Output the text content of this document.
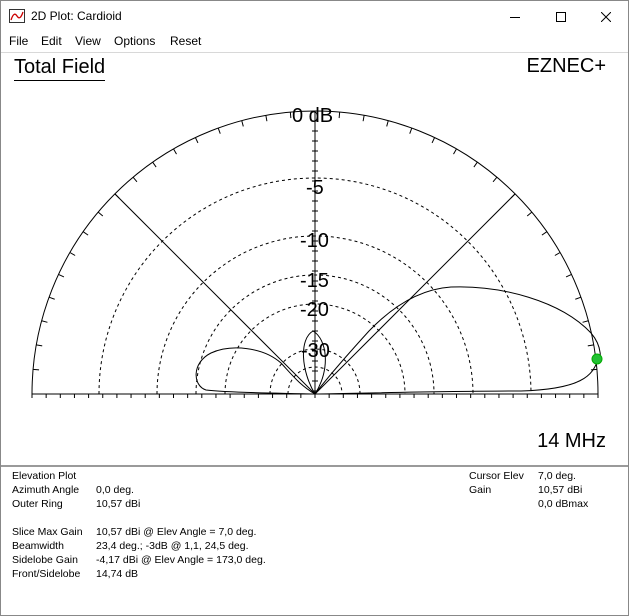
2D Plot: Cardioid
File Edit View Options Reset
0 dB
-5
-10
-15
-20
-30
Total Field	EZNEC+
14 MHz
Elevation Plot
Azimuth Angle 0,0 deg.
Outer Ring	10,57 dBi
Slice Max Gain 10,57 dBi @ Elev Angle = 7,0 deg.
Beamwidth	23,4 deg.; -3dB @ 1,1, 24,5 deg.
Sidelobe Gain -4,17 dBi @ Elev Angle = 173,0 deg.
Front/Sidelobe 14,74 dB
Cursor Elev 7,0 deg.
Gain	10,57 dBi
0,0 dBmax
